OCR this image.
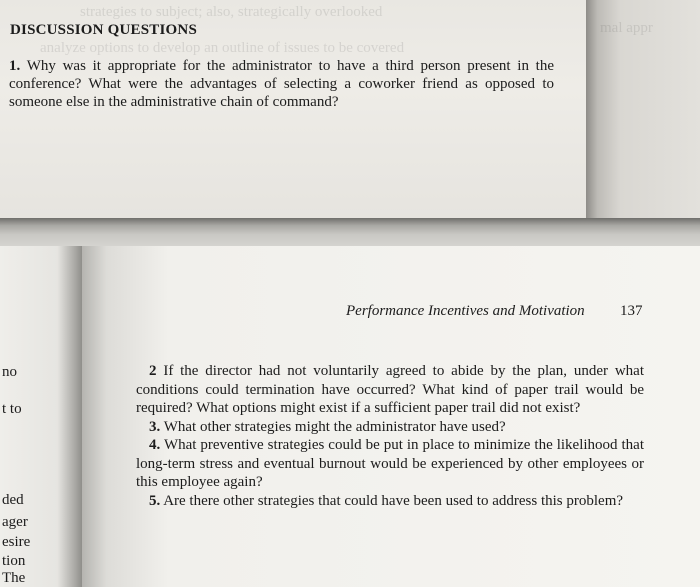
strategies to subject; also, strategically overlooked
analyze options to develop an outline of issues to be covered
mal appr
DISCUSSION QUESTIONS

1. Why was it appropriate for the administrator to have a third person present in the conference? What were the advantages of selecting a coworker friend as opposed to someone else in the administrative chain of command?

no

t to

ded

ager

esire

tion

The

Performance Incentives and Motivation 137

2 If the director had not voluntarily agreed to abide by the plan, under what conditions could termination have occurred? What kind of paper trail would be required? What options might exist if a sufficient paper trail did not exist?

3. What other strategies might the administrator have used?

4. What preventive strategies could be put in place to minimize the likelihood that long-term stress and eventual burnout would be experienced by other employees or this employee again?

5. Are there other strategies that could have been used to address this problem?
